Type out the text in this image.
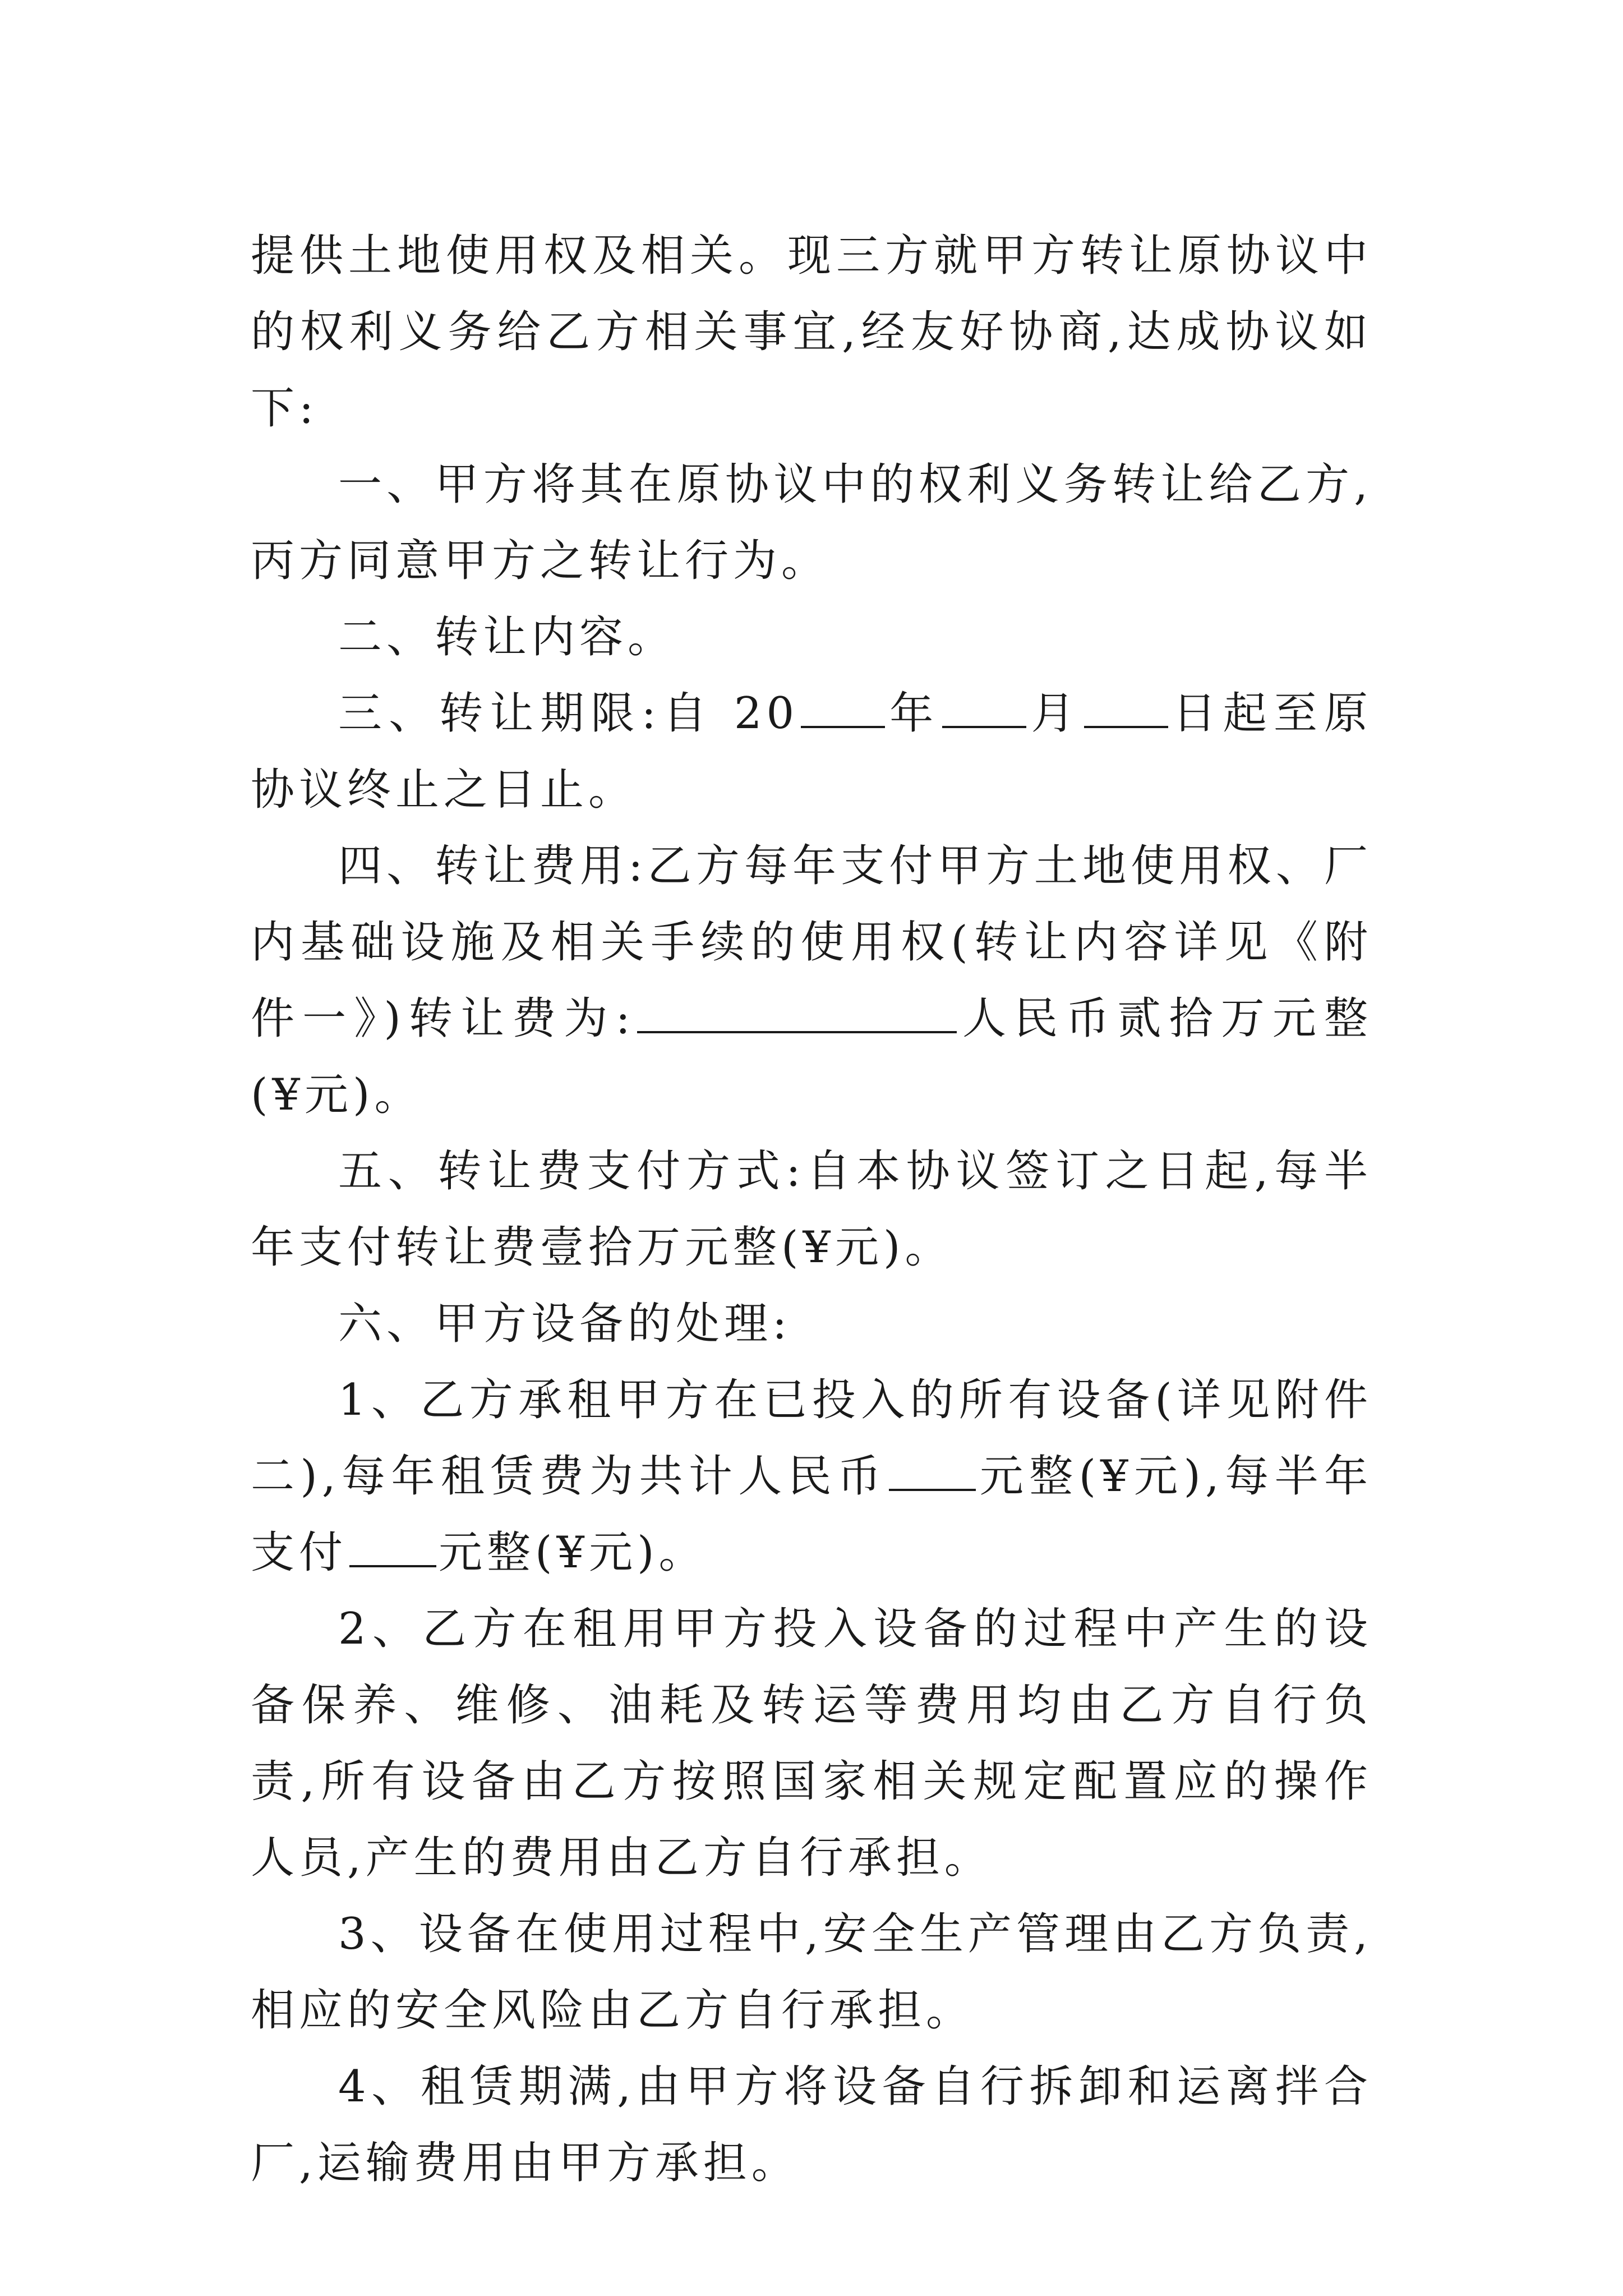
提供土地使用权及相关。现三方就甲方转让原协议中的权利义务给乙方相关事宜,经友好协商,达成协议如下:

一、甲方将其在原协议中的权利义务转让给乙方,丙方同意甲方之转让行为。

二、转让内容。

三、转让期限:自 20 年 月 日起至原协议终止之日止。

四、转让费用:乙方每年支付甲方土地使用权、厂内基础设施及相关手续的使用权(转让内容详见《附件一》)转让费为:	人民币贰拾万元整(¥元)。

五、转让费支付方式:自本协议签订之日起,每半年支付转让费壹拾万元整(¥元)。

六、甲方设备的处理:

1、乙方承租甲方在已投入的所有设备(详见附件二),每年租赁费为共计人民币 元整(¥元),每半年支付 元整(¥元)。

2、乙方在租用甲方投入设备的过程中产生的设备保养、维修、油耗及转运等费用均由乙方自行负责,所有设备由乙方按照国家相关规定配置应的操作人员,产生的费用由乙方自行承担。

3、设备在使用过程中,安全生产管理由乙方负责,相应的安全风险由乙方自行承担。

4、租赁期满,由甲方将设备自行拆卸和运离拌合厂,运输费用由甲方承担。
